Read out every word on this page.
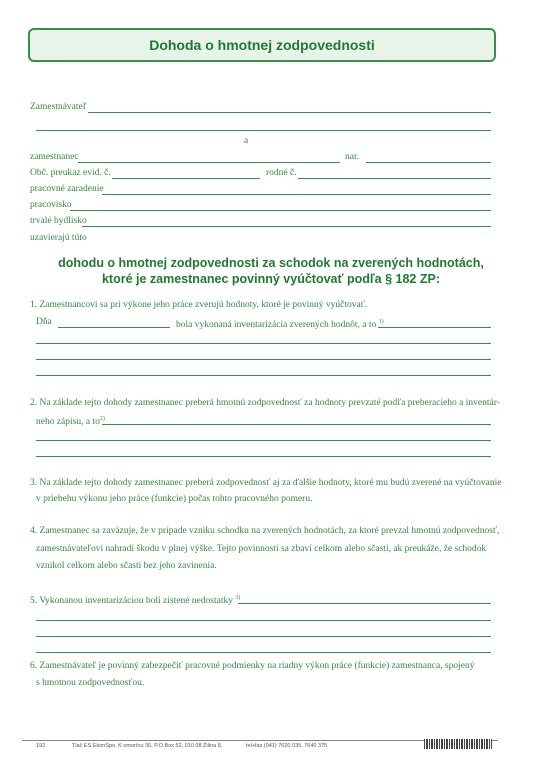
Dohoda o hmotnej zodpovednosti
Zamestnávateľ
a
zamestnanec	nar.
Obč. preukaz evid. č.	rodné č.
pracovné zaradenie
pracovisko
trvalé bydlisko
uzavierajú túto
dohodu o hmotnej zodpovednosti za schodok na zverených hodnotách,
ktoré je zamestnanec povinný vyúčtovať podľa § 182 ZP:
1. Zamestnancovi sa pri výkone jeho práce zverujú hodnoty, ktoré je povinný vyúčtovať.
Dňa	bola vykonaná inventarizácia zverených hodnôt, a to $^{1)}$
2. Na základe tejto dohody zamestnanec preberá hmotnú zodpovednosť za hodnoty prevzaté podľa preberacieho a inventár-
neho zápisu, a $to^{2)}$
3. Na základe tejto dohody zamestnanec preberá zodpovednosť aj za ďalšie hodnoty, ktoré mu budú zverené na vyúčtovanie
v priebehu výkonu jeho práce (funkcie) počas tohto pracovného pomeru.
4. Zamestnanec sa zaväzuje, že v prípade vzniku schodku na zverených hodnotách, za ktoré prevzal hmotnú zodpovednosť,
zamestnávateľovi nahradí škodu v plnej výške. Tejto povinnosti sa zbaví celkom alebo sčasti, ak preukáže, že schodok
vznikol celkom alebo sčasti bez jeho zavinenia.
5. Vykonanou inventarizáciou boli zistené nedostatky $^{3)}$
6. Zamestnávateľ je povinný zabezpečiť pracovné podmienky na riadny výkon práce (funkcie) zamestnanca, spojený
s hmotnou zodpovednosťou.
192	Tlač ES EkonSpo, K omorínu 36, P.O.Box 52, 010 08 Žilina 8,	tel+fax (041) 7620 035, 7640 375
